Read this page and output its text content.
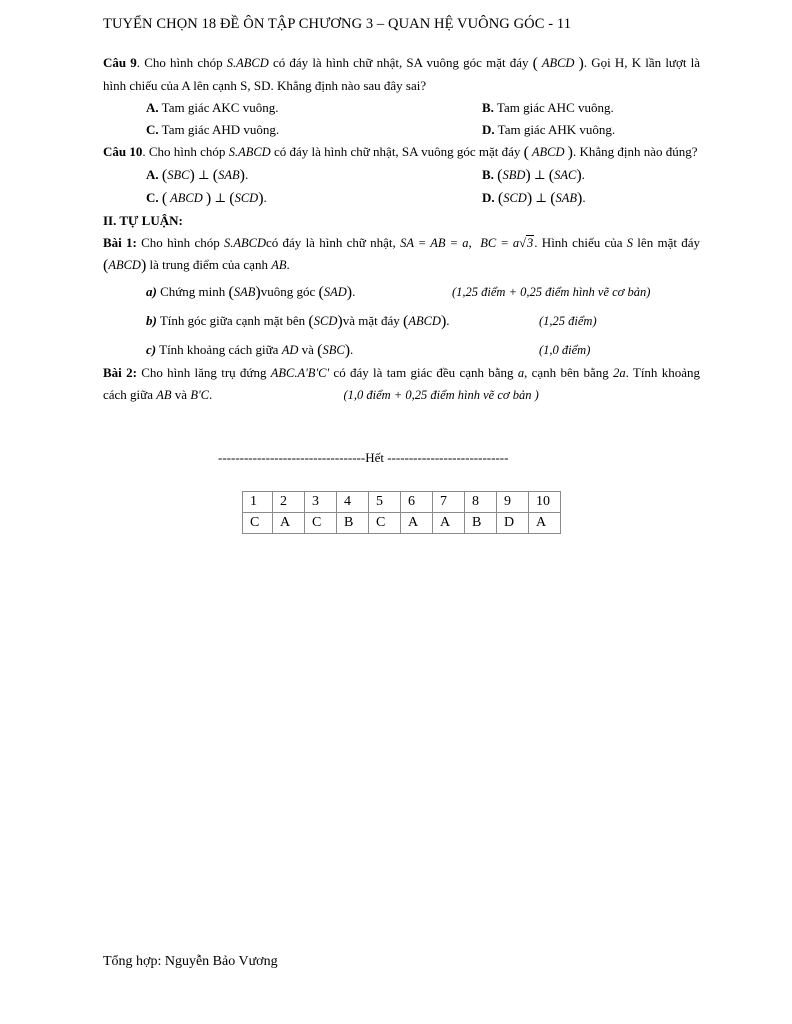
TUYỂN CHỌN 18 ĐỀ ÔN TẬP CHƯƠNG 3 – QUAN HỆ VUÔNG GÓC - 11
Câu 9. Cho hình chóp S.ABCD có đáy là hình chữ nhật, SA vuông góc mặt đáy ( ABCD ). Gọi H, K lần lượt là hình chiếu của A lên cạnh S, SD. Khẳng định nào sau đây sai?
A. Tam giác AKC vuông.	B. Tam giác AHC vuông.
C. Tam giác AHD vuông.	D. Tam giác AHK vuông.
Câu 10. Cho hình chóp S.ABCD có đáy là hình chữ nhật, SA vuông góc mặt đáy ( ABCD ). Khẳng định nào đúng?
A. (SBC) ⊥ (SAB).	B. (SBD) ⊥ (SAC).
C. ( ABCD ) ⊥ (SCD).	D. (SCD) ⊥ (SAB).
II. TỰ LUẬN:
Bài 1: Cho hình chóp S.ABCDcó đáy là hình chữ nhật, SA = AB = a,  BC = a√3. Hình chiếu của S lên mặt đáy (ABCD) là trung điểm của cạnh AB.
a) Chứng minh (SAB)vuông góc (SAD).	(1,25 điểm + 0,25 điểm hình vẽ cơ bản)
b) Tính góc giữa cạnh mặt bên (SCD)và mặt đáy (ABCD).	(1,25 điểm)
c) Tính khoảng cách giữa AD và (SBC).	(1,0 điểm)
Bài 2: Cho hình lăng trụ đứng ABC.A'B'C' có đáy là tam giác đều cạnh bằng a, cạnh bên bằng 2a. Tính khoảng cách giữa AB và B'C.	(1,0 điểm + 0,25 điểm hình vẽ cơ bản )
----------------------------------Hết ----------------------------
1	2	3	4	5	6	7	8	9	10
C	A	C	B	C	A	A	B	D	A
Tổng hợp: Nguyễn Bảo Vương
